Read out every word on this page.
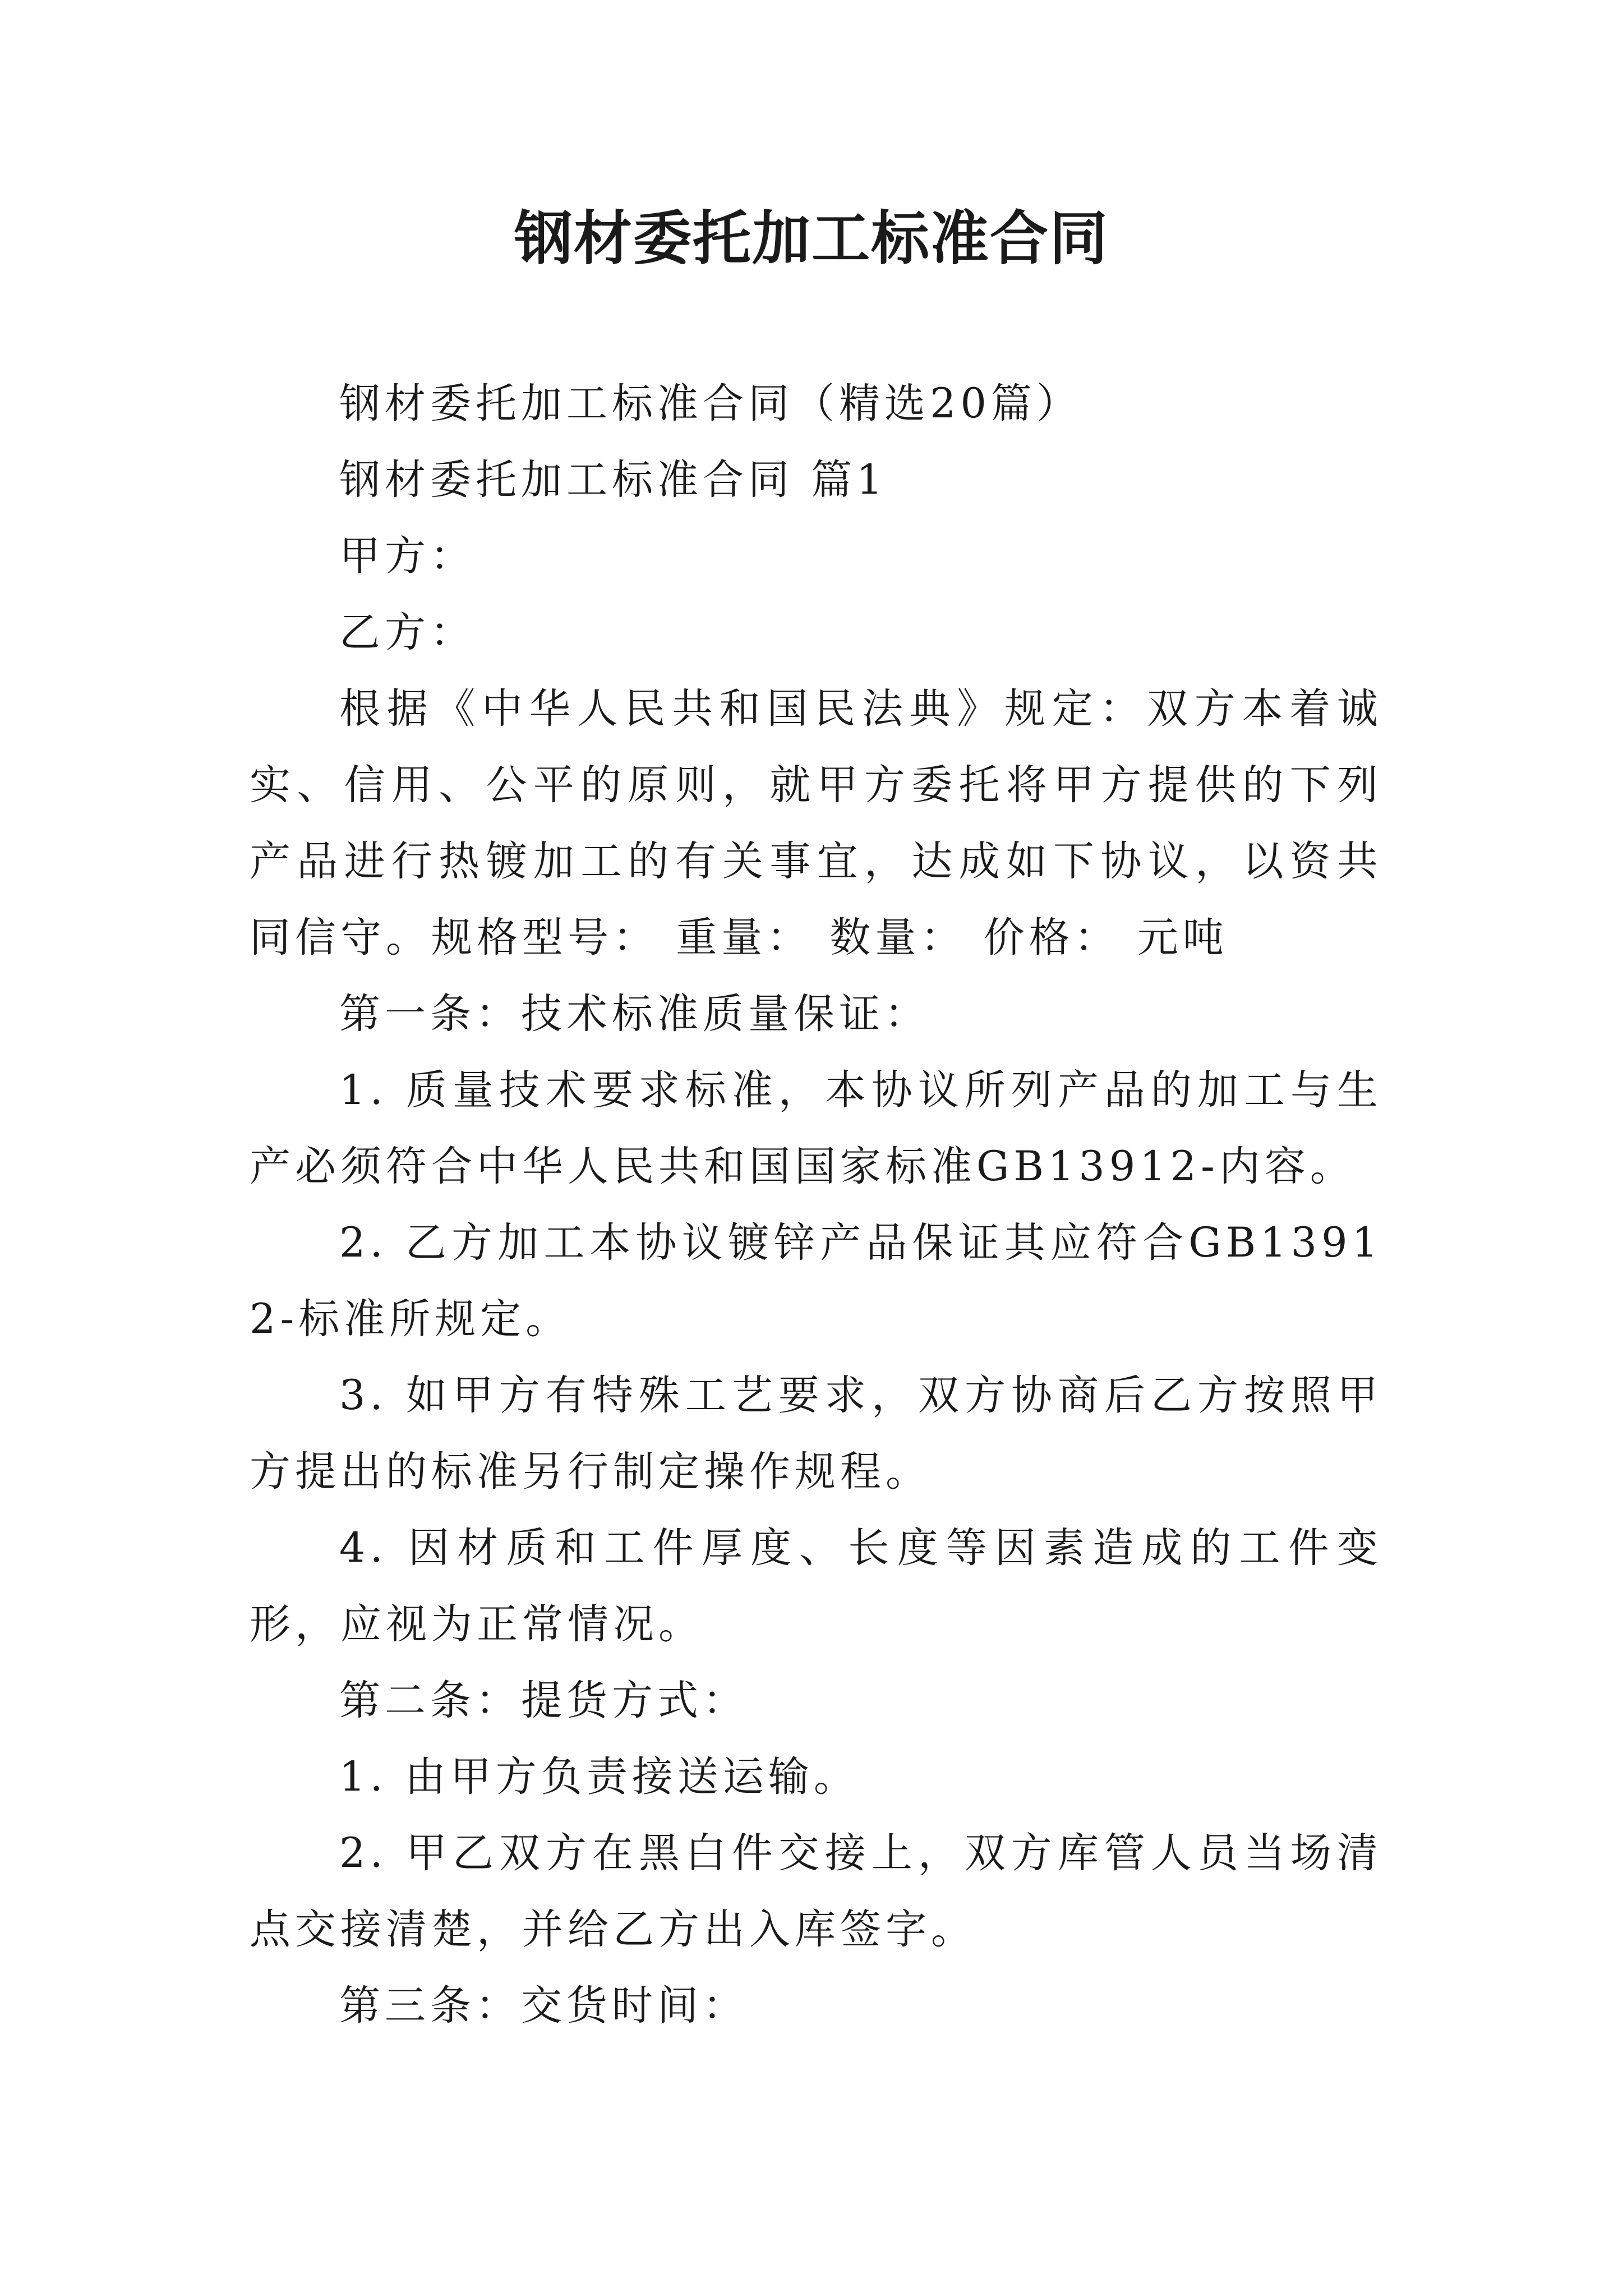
钢材委托加工标准合同

钢材委托加工标准合同（精选20篇）

钢材委托加工标准合同 篇1

甲方：

乙方：

根据《中华人民共和国民法典》规定：双方本着诚实、信用、公平的原则，就甲方委托将甲方提供的下列产品进行热镀加工的有关事宜，达成如下协议，以资共同信守。规格型号： 重量： 数量： 价格： 元吨

第一条：技术标准质量保证：

1. 质量技术要求标准，本协议所列产品的加工与生产必须符合中华人民共和国国家标准GB13912-内容。

2. 乙方加工本协议镀锌产品保证其应符合GB13912-标准所规定。

3. 如甲方有特殊工艺要求，双方协商后乙方按照甲方提出的标准另行制定操作规程。

4. 因材质和工件厚度、长度等因素造成的工件变形，应视为正常情况。

第二条：提货方式：

1. 由甲方负责接送运输。

2. 甲乙双方在黑白件交接上，双方库管人员当场清点交接清楚，并给乙方出入库签字。

第三条：交货时间：
